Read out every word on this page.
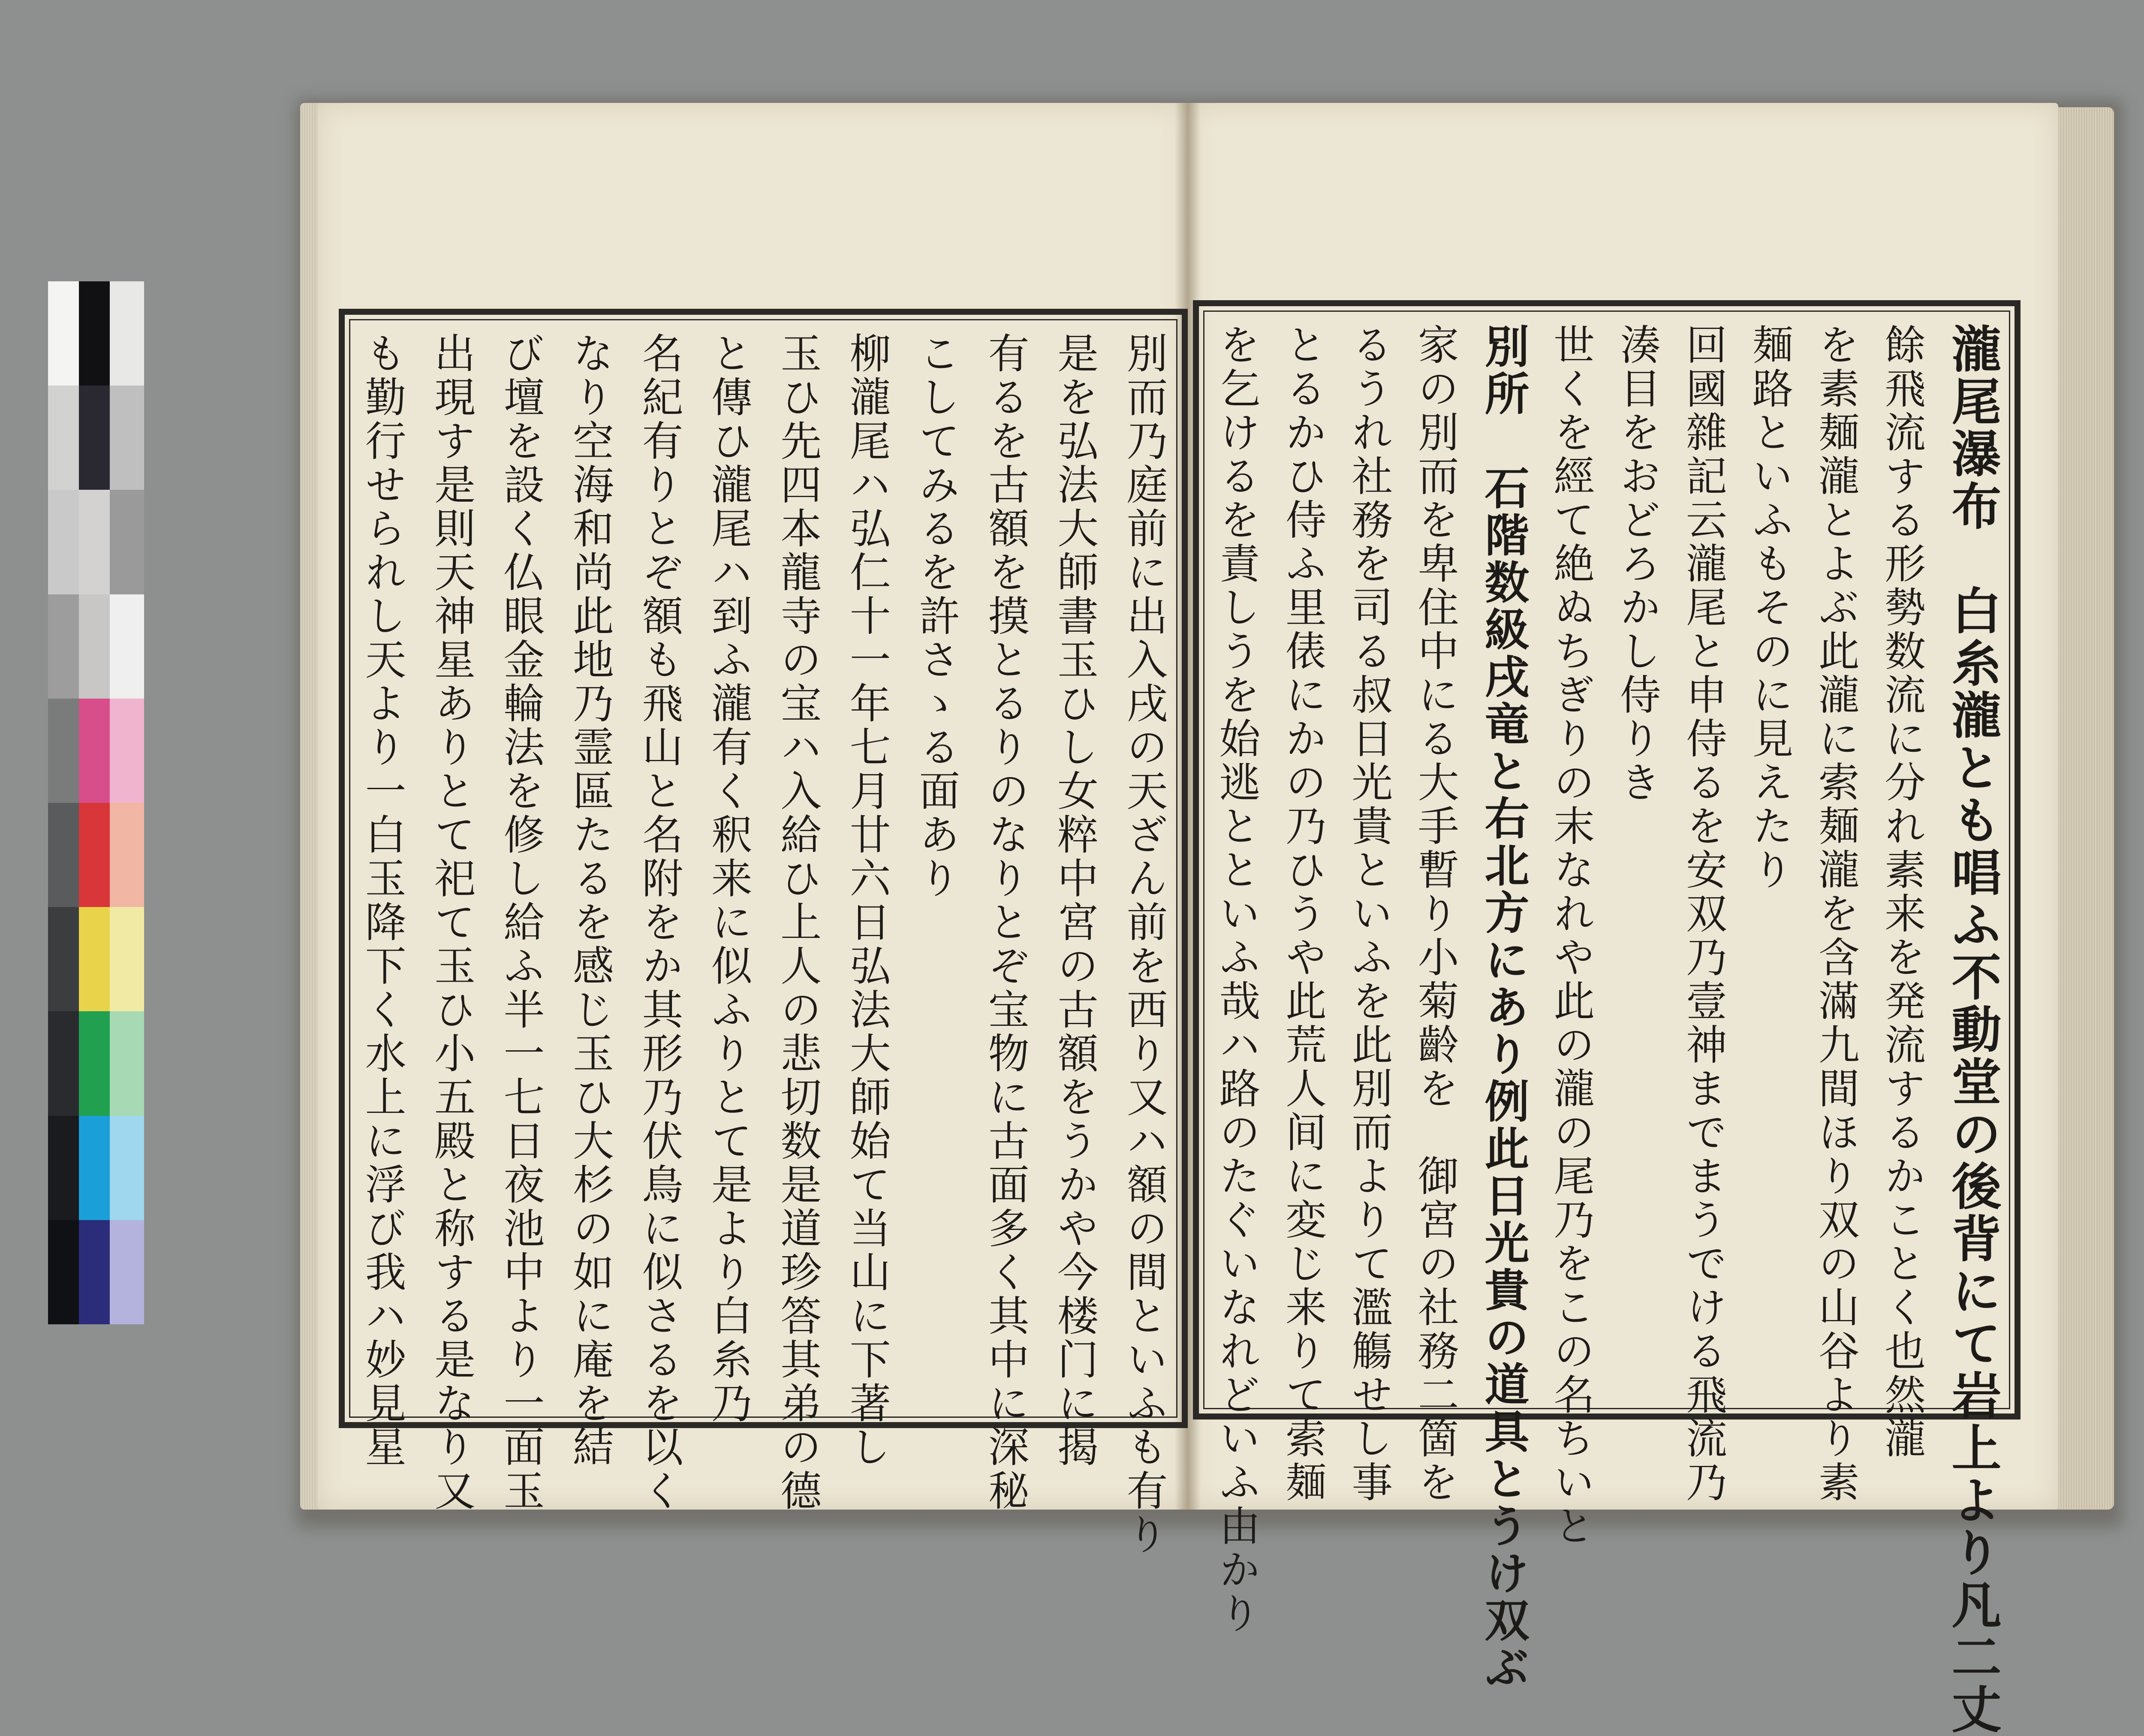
別而乃庭前に出入戌の天ざん前を西り又ハ額の間といふも有り
是を弘法大師書玉ひし女粹中宮の古額をうかや今楼门に揭
有るを古額を摸とるりのなりとぞ宝物に古面多く其中に深秘
こしてみるを許さゝる面あり
柳瀧尾ハ弘仁十一年七月廿六日弘法大師始て当山に下著し
玉ひ先四本龍寺の宝ハ入給ひ上人の悲切数是道珍答其弟の德
と傳ひ瀧尾ハ到ふ瀧有く釈来に似ふりとて是より白糸乃
名紀有りとぞ額も飛山と名附をか其形乃伏鳥に似さるを以く
なり空海和尚此地乃霊區たるを感じ玉ひ大杉の如に庵を結
び壇を設く仏眼金輪法を修し給ふ半一七日夜池中より一面玉
出現す是則天神星ありとて祀て玉ひ小五殿と称する是なり又
も勤行せられし天より一白玉降下く水上に浮び我ハ妙見星	瀧尾瀑布　白糸瀧とも唱ふ不動堂の後背にて岩上より凡二丈
餘飛流する形勢数流に分れ素来を発流するかことく也然瀧
を素麺瀧とよぶ此瀧に索麺瀧を含滿九間ほり双の山谷より素
麺路といふもそのに見えたり
回國雜記云瀧尾と申侍るを安双乃壹神までまうでける飛流乃
湊目をおどろかし侍りき
世くを經て絶ぬちぎりの末なれや此の瀧の尾乃をこの名ちいと
別所　石階数級戌竜と右北方にあり例此日光貴の道具とうけ双ぶ
家の別而を卑住中にる大手暫り小菊齡を　御宮の社務二箇を
るうれ社務を司る叔日光貴といふを此別而よりて濫觴せし事
とるかひ侍ふ里俵にかの乃ひうや此荒人间に変じ来りて索麺
を乞けるを責しうを始逃とといふ哉ハ路のたぐいなれどいふ由かり
